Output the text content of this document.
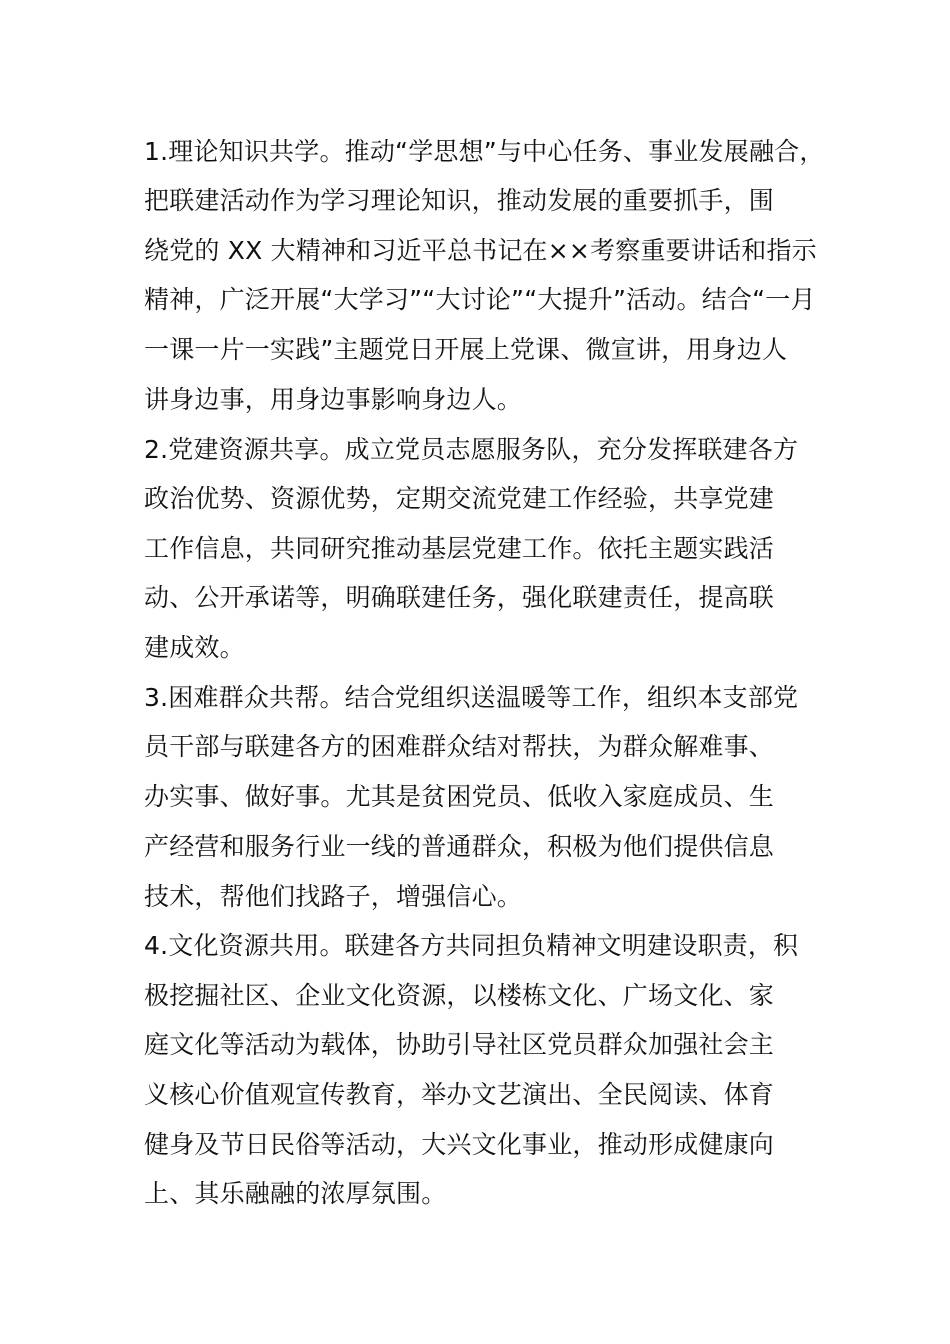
1.理论知识共学。推动“学思想”与中心任务、事业发展融合，
把联建活动作为学习理论知识，推动发展的重要抓手，围
绕党的 XX 大精神和习近平总书记在××考察重要讲话和指示
精神，广泛开展“大学习”“大讨论”“大提升”活动。结合“一月
一课一片一实践”主题党日开展上党课、微宣讲，用身边人
讲身边事，用身边事影响身边人。
2.党建资源共享。成立党员志愿服务队，充分发挥联建各方
政治优势、资源优势，定期交流党建工作经验，共享党建
工作信息，共同研究推动基层党建工作。依托主题实践活
动、公开承诺等，明确联建任务，强化联建责任，提高联
建成效。
3.困难群众共帮。结合党组织送温暖等工作，组织本支部党
员干部与联建各方的困难群众结对帮扶，为群众解难事、
办实事、做好事。尤其是贫困党员、低收入家庭成员、生
产经营和服务行业一线的普通群众，积极为他们提供信息
技术，帮他们找路子，增强信心。
4.文化资源共用。联建各方共同担负精神文明建设职责，积
极挖掘社区、企业文化资源，以楼栋文化、广场文化、家
庭文化等活动为载体，协助引导社区党员群众加强社会主
义核心价值观宣传教育，举办文艺演出、全民阅读、体育
健身及节日民俗等活动，大兴文化事业，推动形成健康向
上、其乐融融的浓厚氛围。
